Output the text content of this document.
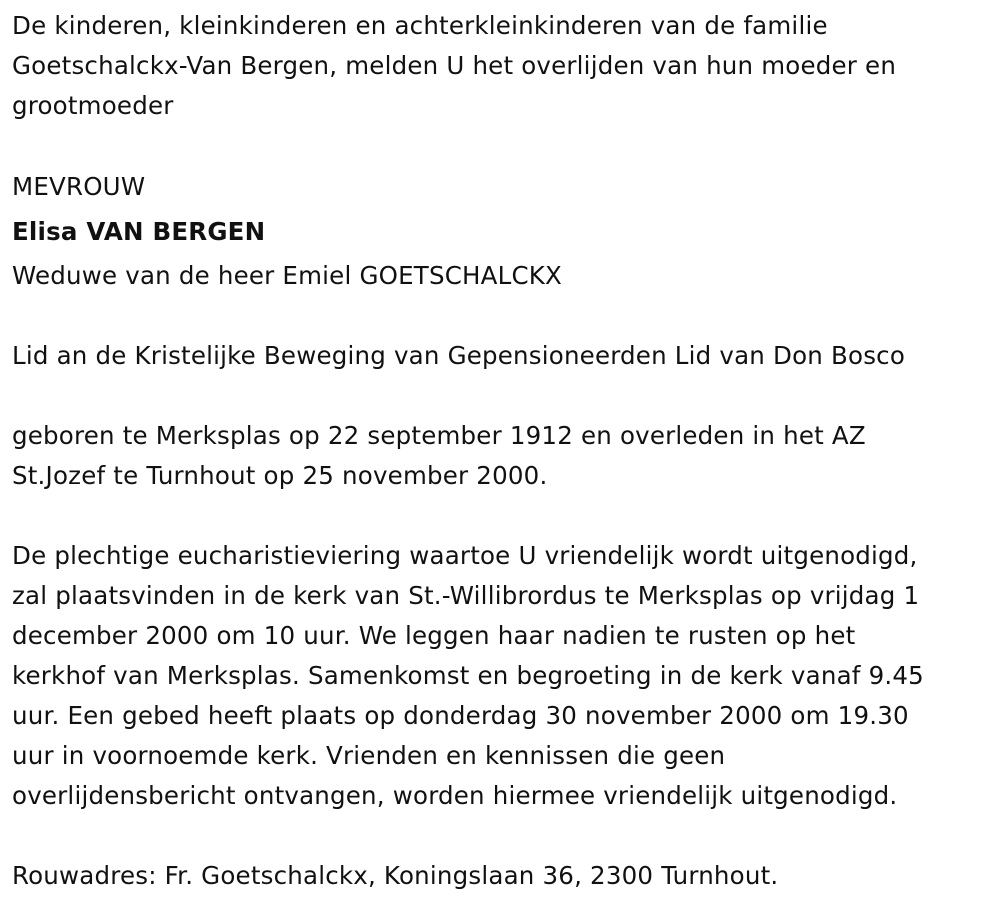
De kinderen, kleinkinderen en achterkleinkinderen van de familie
Goetschalckx-Van Bergen, melden U het overlijden van hun moeder en
grootmoeder
MEVROUW
Elisa VAN BERGEN
Weduwe van de heer Emiel GOETSCHALCKX
Lid an de Kristelijke Beweging van Gepensioneerden Lid van Don Bosco
geboren te Merksplas op 22 september 1912 en overleden in het AZ
St.Jozef te Turnhout op 25 november 2000.
De plechtige eucharistieviering waartoe U vriendelijk wordt uitgenodigd,
zal plaatsvinden in de kerk van St.-Willibrordus te Merksplas op vrijdag 1
december 2000 om 10 uur. We leggen haar nadien te rusten op het
kerkhof van Merksplas. Samenkomst en begroeting in de kerk vanaf 9.45
uur. Een gebed heeft plaats op donderdag 30 november 2000 om 19.30
uur in voornoemde kerk. Vrienden en kennissen die geen
overlijdensbericht ontvangen, worden hiermee vriendelijk uitgenodigd.
Rouwadres: Fr. Goetschalckx, Koningslaan 36, 2300 Turnhout.
